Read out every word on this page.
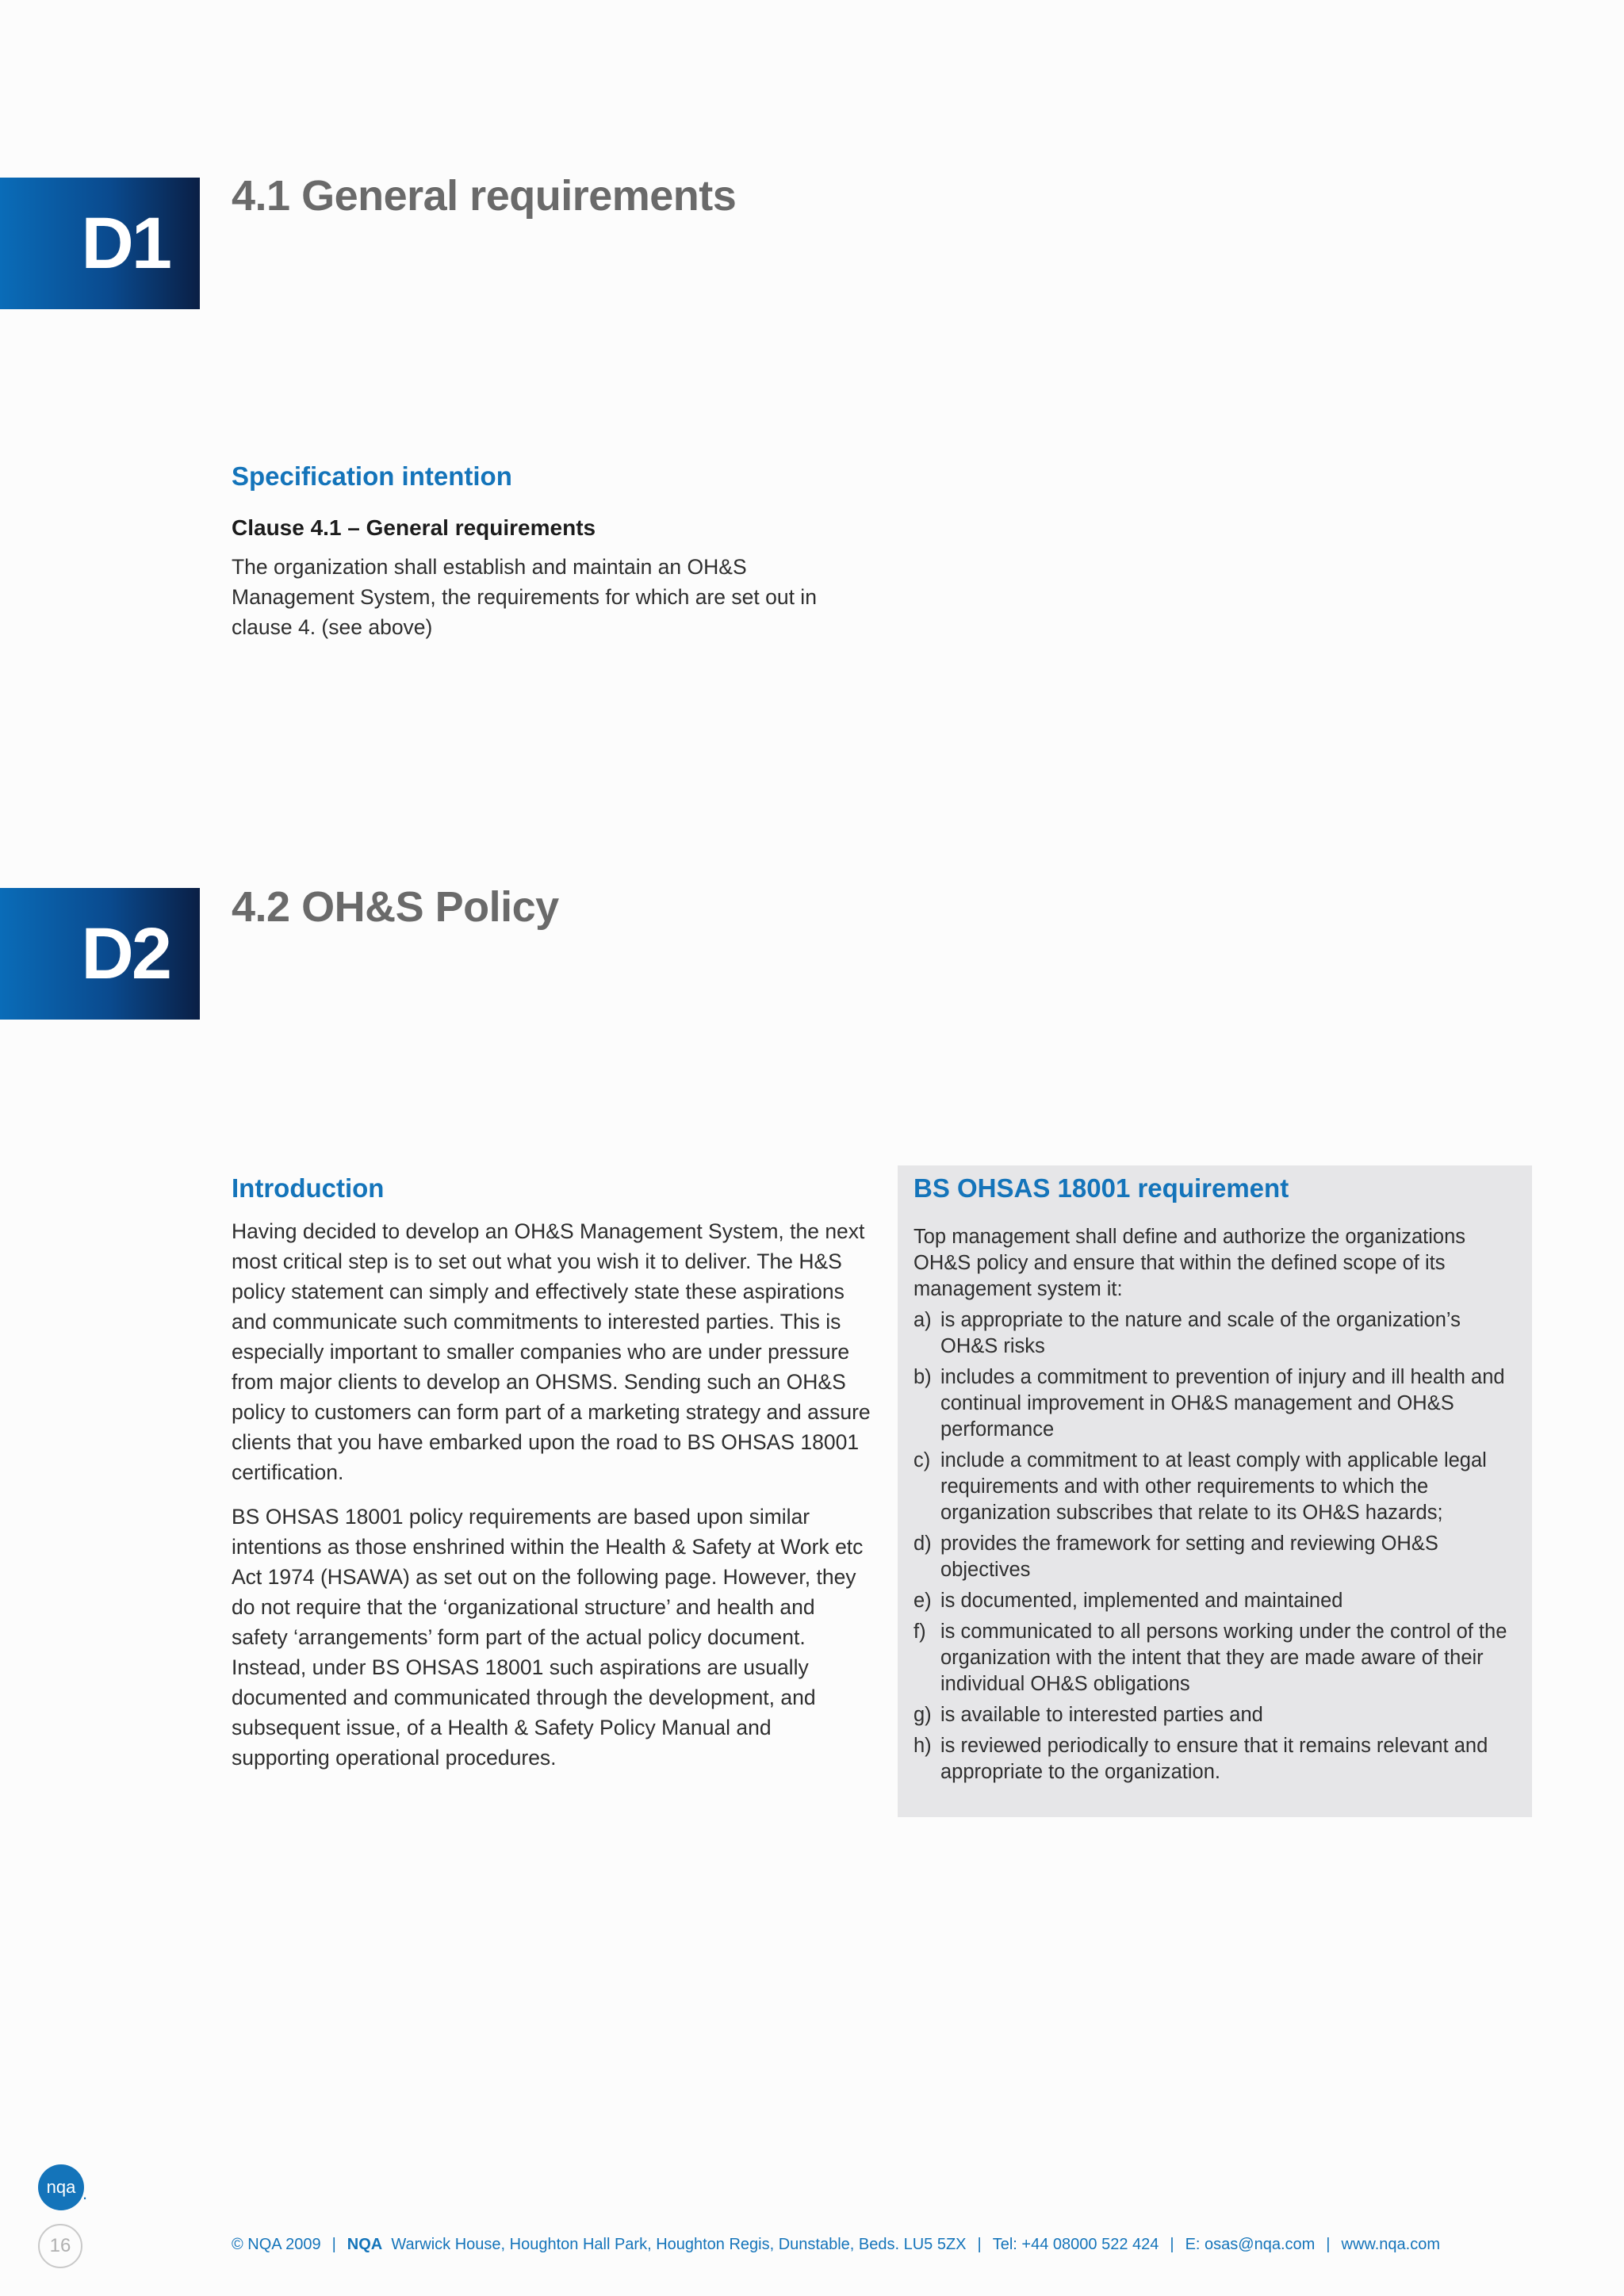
D1
4.1 General requirements
Specification intention
Clause 4.1 – General requirements

The organization shall establish and maintain an OH&S Management System, the requirements for which are set out in clause 4. (see above)

D2
4.2 OH&S Policy
Introduction

Having decided to develop an OH&S Management System, the next most critical step is to set out what you wish it to deliver. The H&S policy statement can simply and effectively state these aspirations and communicate such commitments to interested parties. This is especially important to smaller companies who are under pressure from major clients to develop an OHSMS. Sending such an OH&S policy to customers can form part of a marketing strategy and assure clients that you have embarked upon the road to BS OHSAS 18001 certification.

BS OHSAS 18001 policy requirements are based upon similar intentions as those enshrined within the Health & Safety at Work etc Act 1974 (HSAWA) as set out on the following page. However, they do not require that the ‘organizational structure’ and health and safety ‘arrangements’ form part of the actual policy document. Instead, under BS OHSAS 18001 such aspirations are usually documented and communicated through the development, and subsequent issue, of a Health & Safety Policy Manual and supporting operational procedures.

BS OHSAS 18001 requirement
Top management shall define and authorize the organizations OH&S policy and ensure that within the defined scope of its management system it:
a) is appropriate to the nature and scale of the organization’s OH&S risks
b) includes a commitment to prevention of injury and ill health and continual improvement in OH&S management and OH&S performance
c) include a commitment to at least comply with applicable legal requirements and with other requirements to which the organization subscribes that relate to its OH&S hazards;
d) provides the framework for setting and reviewing OH&S objectives
e) is documented, implemented and maintained
f) is communicated to all persons working under the control of the organization with the intent that they are made aware of their individual OH&S obligations
g) is available to interested parties and
h) is reviewed periodically to ensure that it remains relevant and appropriate to the organization.
nqa .
16	© NQA 2009 | NQA Warwick House, Houghton Hall Park, Houghton Regis, Dunstable, Beds. LU5 5ZX | Tel: +44 08000 522 424 | E: osas@nqa.com | www.nqa.com
